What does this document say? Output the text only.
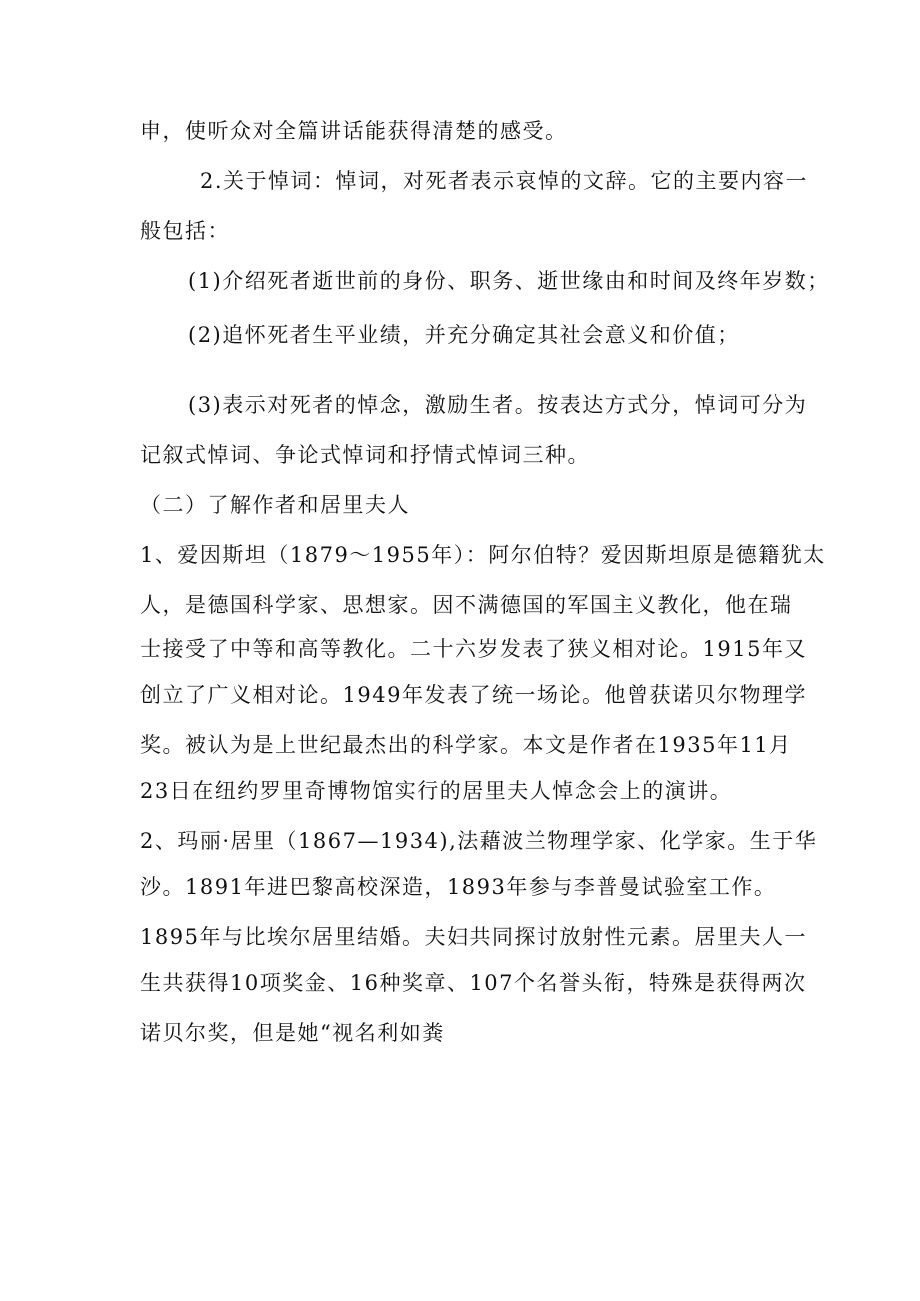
申，使听众对全篇讲话能获得清楚的感受。
2.关于悼词：悼词，对死者表示哀悼的文辞。它的主要内容一
般包括：
(1)介绍死者逝世前的身份、职务、逝世缘由和时间及终年岁数；
(2)追怀死者生平业绩，并充分确定其社会意义和价值；
(3)表示对死者的悼念，激励生者。按表达方式分，悼词可分为
记叙式悼词、争论式悼词和抒情式悼词三种。
（二）了解作者和居里夫人
1、爱因斯坦（1879～1955年）：阿尔伯特？爱因斯坦原是德籍犹太
人，是德国科学家、思想家。因不满德国的军国主义教化，他在瑞
士接受了中等和高等教化。二十六岁发表了狭义相对论。1915年又
创立了广义相对论。1949年发表了统一场论。他曾获诺贝尔物理学
奖。被认为是上世纪最杰出的科学家。本文是作者在1935年11月
23日在纽约罗里奇博物馆实行的居里夫人悼念会上的演讲。
2、玛丽·居里（1867—1934),法藉波兰物理学家、化学家。生于华
沙。1891年进巴黎高校深造，1893年参与李普曼试验室工作。
1895年与比埃尔居里结婚。夫妇共同探讨放射性元素。居里夫人一
生共获得10项奖金、16种奖章、107个名誉头衔，特殊是获得两次
诺贝尔奖，但是她“视名利如粪
